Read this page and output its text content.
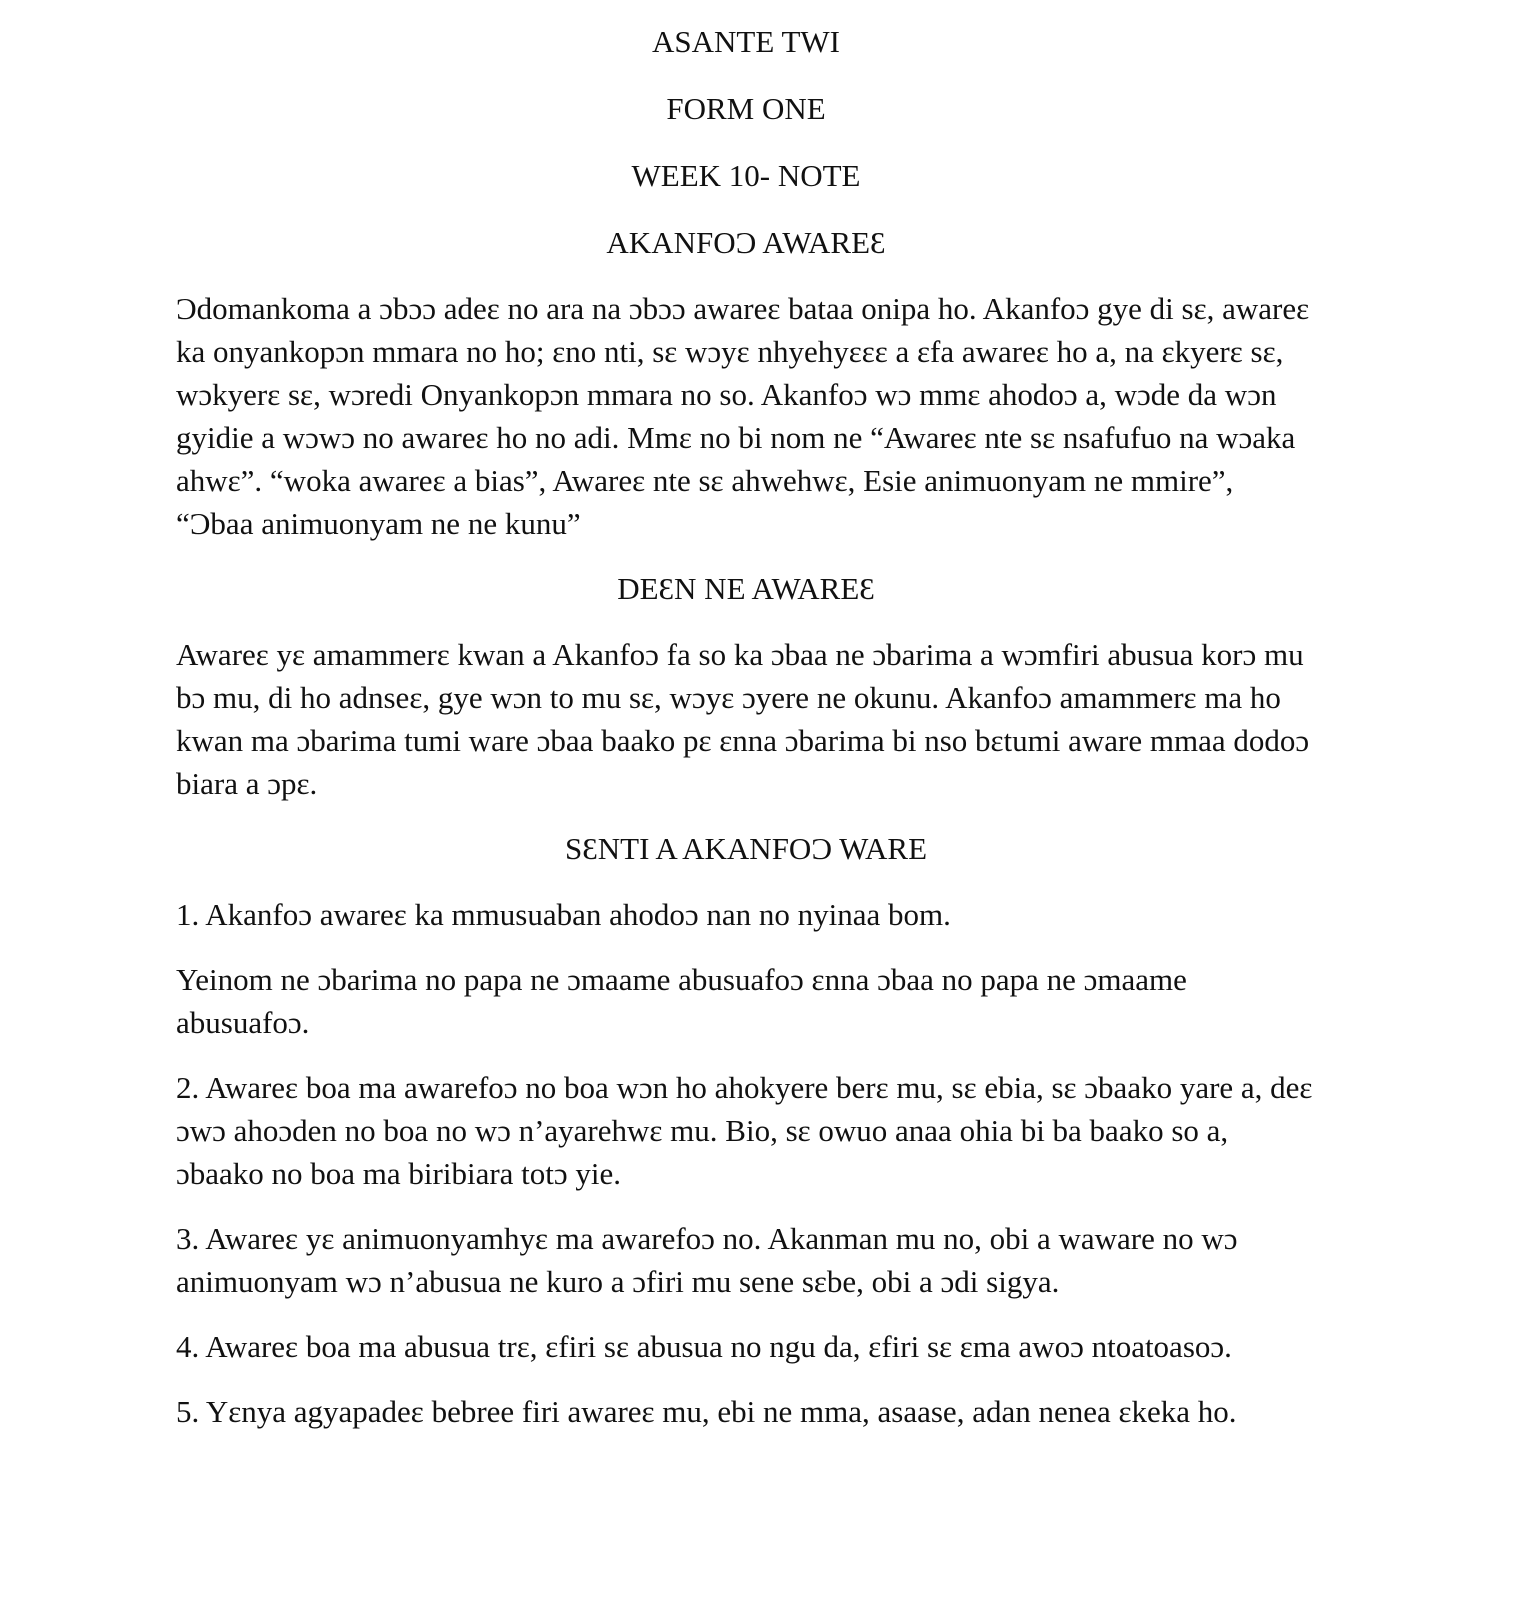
ASANTE TWI
FORM ONE
WEEK 10- NOTE
AKANFOƆ AWAREƐ

Ɔdomankoma a ɔbɔɔ adeɛ no ara na ɔbɔɔ awareɛ bataa onipa ho. Akanfoɔ gye di sɛ, awareɛ ka onyankopɔn mmara no ho; ɛno nti, sɛ wɔyɛ nhyehyɛɛɛ a ɛfa awareɛ ho a, na ɛkyerɛ sɛ, wɔkyerɛ sɛ, wɔredi Onyankopɔn mmara no so. Akanfoɔ wɔ mmɛ ahodoɔ a, wɔde da wɔn gyidie a wɔwɔ no awareɛ ho no adi. Mmɛ no bi nom ne “Awareɛ nte sɛ nsafufuo na wɔaka ahwɛ”. “woka awareɛ a bias”, Awareɛ nte sɛ ahwehwɛ, Esie animuonyam ne mmire”, “Ɔbaa animuonyam ne ne kunu”

DEƐN NE AWAREƐ

Awareɛ yɛ amammerɛ kwan a Akanfoɔ fa so ka ɔbaa ne ɔbarima a wɔmfiri abusua korɔ mu bɔ mu, di ho adnseɛ, gye wɔn to mu sɛ, wɔyɛ ɔyere ne okunu. Akanfoɔ amammerɛ ma ho kwan ma ɔbarima tumi ware ɔbaa baako pɛ ɛnna ɔbarima bi nso bɛtumi aware mmaa dodoɔ biara a ɔpɛ.

SƐNTI A AKANFOƆ WARE

1. Akanfoɔ awareɛ ka mmusuaban ahodoɔ nan no nyinaa bom.

Yeinom ne ɔbarima no papa ne ɔmaame abusuafoɔ ɛnna ɔbaa no papa ne ɔmaame abusuafoɔ.

2. Awareɛ boa ma awarefoɔ no boa wɔn ho ahokyere berɛ mu, sɛ ebia, sɛ ɔbaako yare a, deɛ ɔwɔ ahoɔden no boa no wɔ n’ayarehwɛ mu. Bio, sɛ owuo anaa ohia bi ba baako so a, ɔbaako no boa ma biribiara totɔ yie.

3. Awareɛ yɛ animuonyamhyɛ ma awarefoɔ no. Akanman mu no, obi a waware no wɔ animuonyam wɔ n’abusua ne kuro a ɔfiri mu sene sɛbe, obi a ɔdi sigya.

4. Awareɛ boa ma abusua trɛ, ɛfiri sɛ abusua no ngu da, ɛfiri sɛ ɛma awoɔ ntoatoasoɔ.

5. Yɛnya agyapadeɛ bebree firi awareɛ mu, ebi ne mma, asaase, adan nenea ɛkeka ho.
